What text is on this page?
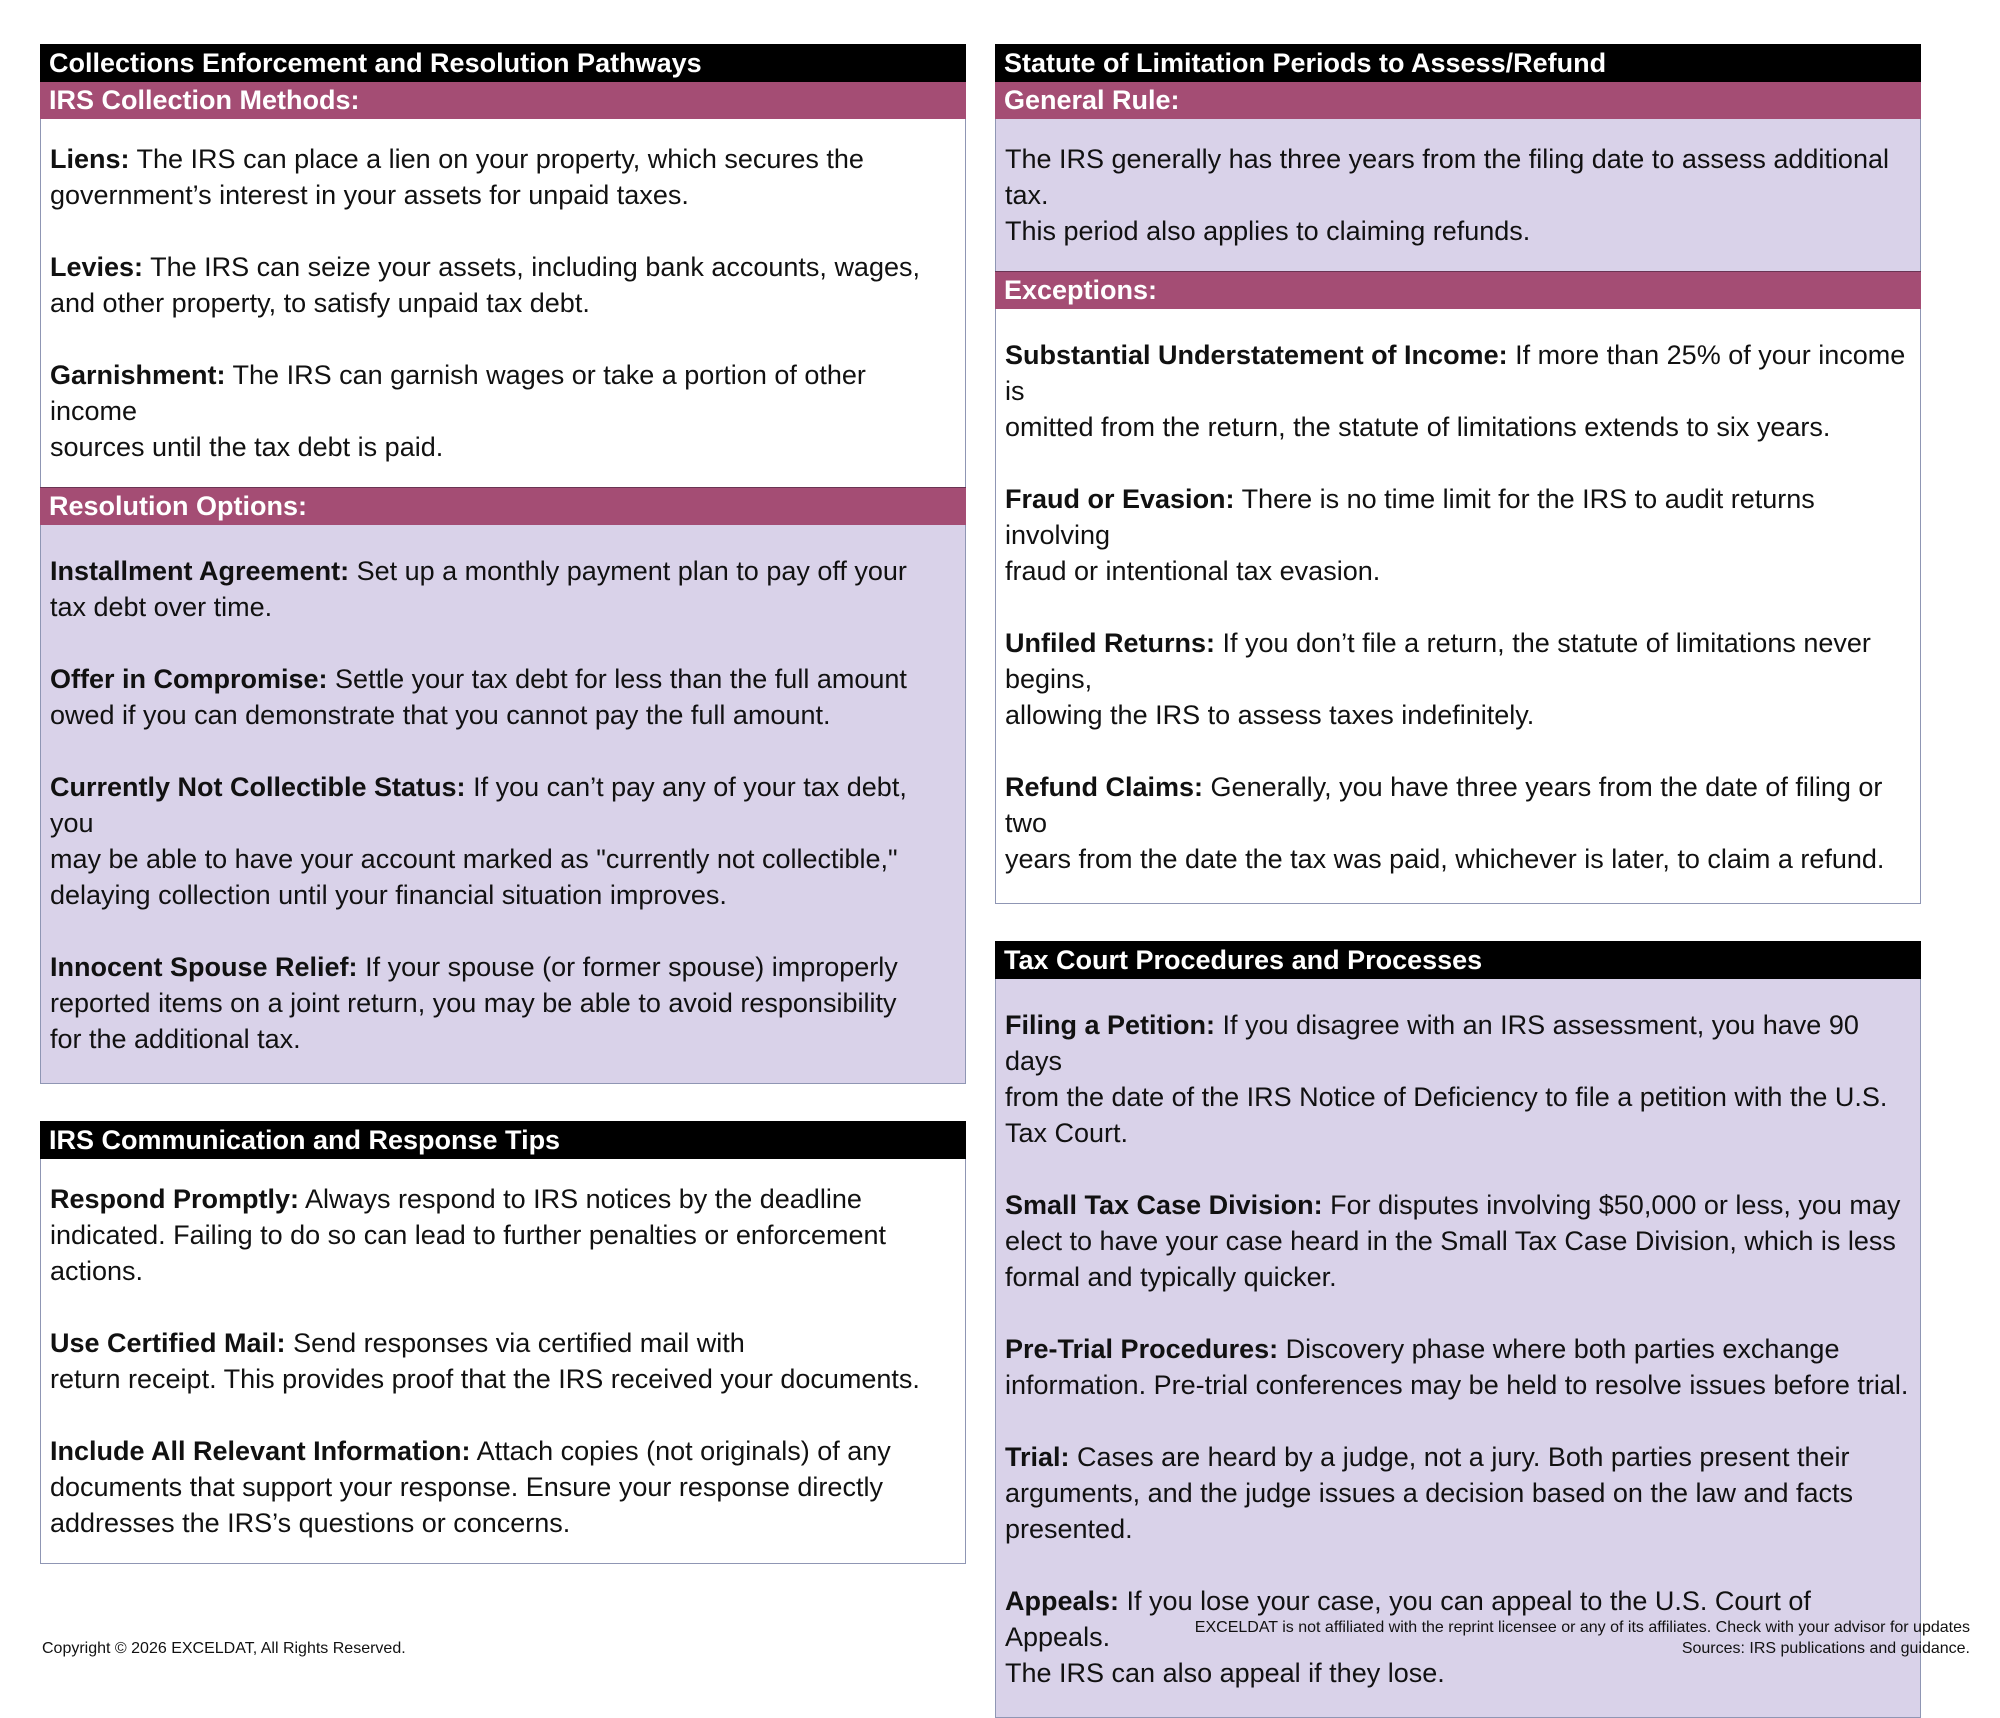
Collections Enforcement and Resolution Pathways
IRS Collection Methods:

Liens: The IRS can place a lien on your property, which secures the
government’s interest in your assets for unpaid taxes.

Levies: The IRS can seize your assets, including bank accounts, wages,
and other property, to satisfy unpaid tax debt.

Garnishment: The IRS can garnish wages or take a portion of other income
sources until the tax debt is paid.

Resolution Options:

Installment Agreement: Set up a monthly payment plan to pay off your
tax debt over time.

Offer in Compromise: Settle your tax debt for less than the full amount
owed if you can demonstrate that you cannot pay the full amount.

Currently Not Collectible Status: If you can’t pay any of your tax debt, you
may be able to have your account marked as "currently not collectible,"
delaying collection until your financial situation improves.

Innocent Spouse Relief: If your spouse (or former spouse) improperly
reported items on a joint return, you may be able to avoid responsibility
for the additional tax.

IRS Communication and Response Tips

Respond Promptly: Always respond to IRS notices by the deadline
indicated. Failing to do so can lead to further penalties or enforcement
actions.

Use Certified Mail: Send responses via certified mail with
return receipt. This provides proof that the IRS received your documents.

Include All Relevant Information: Attach copies (not originals) of any
documents that support your response. Ensure your response directly
addresses the IRS’s questions or concerns.

Statute of Limitation Periods to Assess/Refund
General Rule:

The IRS generally has three years from the filing date to assess additional tax.
This period also applies to claiming refunds.

Exceptions:

Substantial Understatement of Income: If more than 25% of your income is
omitted from the return, the statute of limitations extends to six years.

Fraud or Evasion: There is no time limit for the IRS to audit returns involving
fraud or intentional tax evasion.

Unfiled Returns: If you don’t file a return, the statute of limitations never begins,
allowing the IRS to assess taxes indefinitely.

Refund Claims: Generally, you have three years from the date of filing or two
years from the date the tax was paid, whichever is later, to claim a refund.

Tax Court Procedures and Processes

Filing a Petition: If you disagree with an IRS assessment, you have 90 days
from the date of the IRS Notice of Deficiency to file a petition with the U.S.
Tax Court.

Small Tax Case Division: For disputes involving $50,000 or less, you may
elect to have your case heard in the Small Tax Case Division, which is less
formal and typically quicker.

Pre-Trial Procedures: Discovery phase where both parties exchange
information. Pre-trial conferences may be held to resolve issues before trial.

Trial: Cases are heard by a judge, not a jury. Both parties present their
arguments, and the judge issues a decision based on the law and facts
presented.

Appeals: If you lose your case, you can appeal to the U.S. Court of Appeals.
The IRS can also appeal if they lose.

Copyright © 2026 EXCELDAT, All Rights Reserved.
EXCELDAT is not affiliated with the reprint licensee or any of its affiliates. Check with your advisor for updates
Sources: IRS publications and guidance.
